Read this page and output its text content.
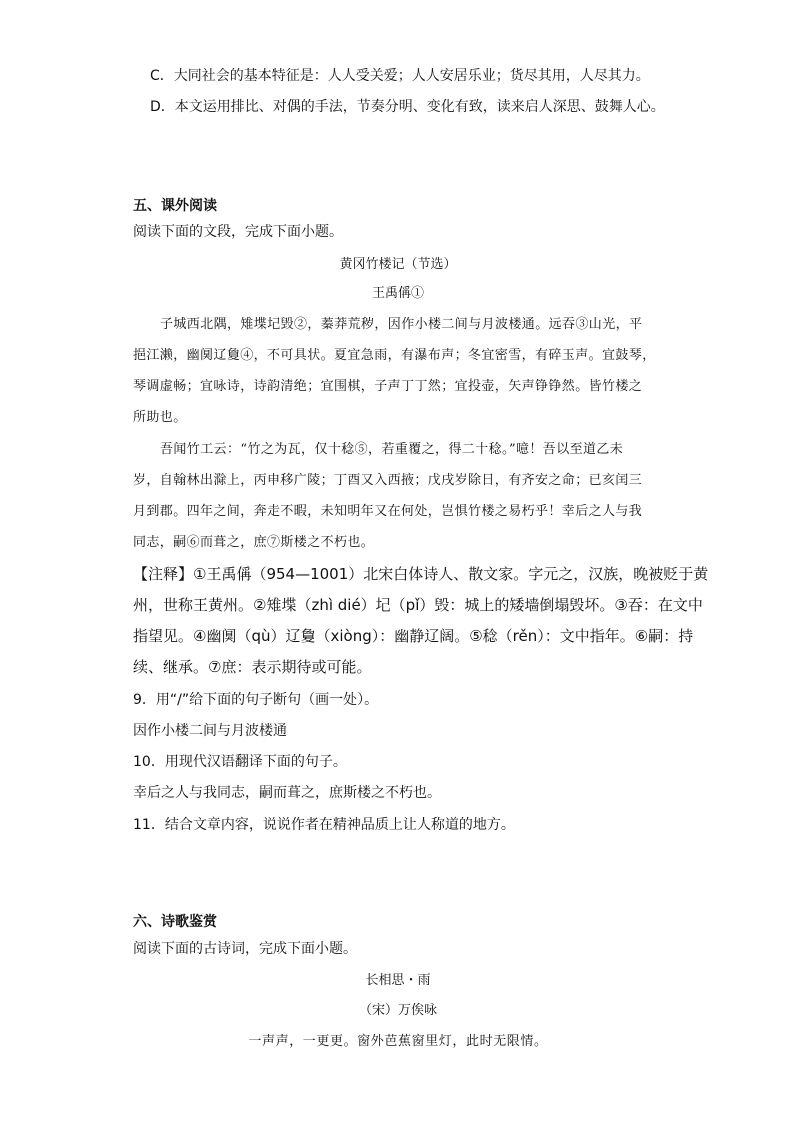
C．大同社会的基本特征是：人人受关爱；人人安居乐业；货尽其用，人尽其力。
D．本文运用排比、对偶的手法，节奏分明、变化有致，读来启人深思、鼓舞人心。
五、课外阅读
阅读下面的文段，完成下面小题。
黄冈竹楼记（节选）
王禹偁①
子城西北隅，雉堞圮毁②，蓁莽荒秽，因作小楼二间与月波楼通。远吞③山光，平
挹江濑，幽阒辽敻④，不可具状。夏宜急雨，有瀑布声；冬宜密雪，有碎玉声。宜鼓琴，
琴调虚畅；宜咏诗，诗韵清绝；宜围棋，子声丁丁然；宜投壶，矢声铮铮然。皆竹楼之
所助也。
吾闻竹工云：“竹之为瓦，仅十稔⑤，若重覆之，得二十稔。”噫！吾以至道乙未
岁，自翰林出滁上，丙申移广陵；丁酉又入西掖；戊戌岁除日，有齐安之命；已亥闰三
月到郡。四年之间，奔走不暇，未知明年又在何处，岂惧竹楼之易朽乎！幸后之人与我
同志，嗣⑥而葺之，庶⑦斯楼之不朽也。
【注释】①王禹偁（954—1001）北宋白体诗人、散文家。字元之，汉族，晚被贬于黄
州，世称王黄州。②雉堞（zhì dié）圮（pǐ）毁：城上的矮墙倒塌毁坏。③吞：在文中
指望见。④幽阒（qù）辽敻（xiòng）：幽静辽阔。⑤稔（rěn）：文中指年。⑥嗣：持
续、继承。⑦庶：表示期待或可能。
9．用“/”给下面的句子断句（画一处）。
因作小楼二间与月波楼通
10．用现代汉语翻译下面的句子。
幸后之人与我同志，嗣而葺之，庶斯楼之不朽也。
11．结合文章内容，说说作者在精神品质上让人称道的地方。
六、诗歌鉴赏
阅读下面的古诗词，完成下面小题。
长相思・雨
（宋）万俟咏
一声声，一更更。窗外芭蕉窗里灯，此时无限情。
